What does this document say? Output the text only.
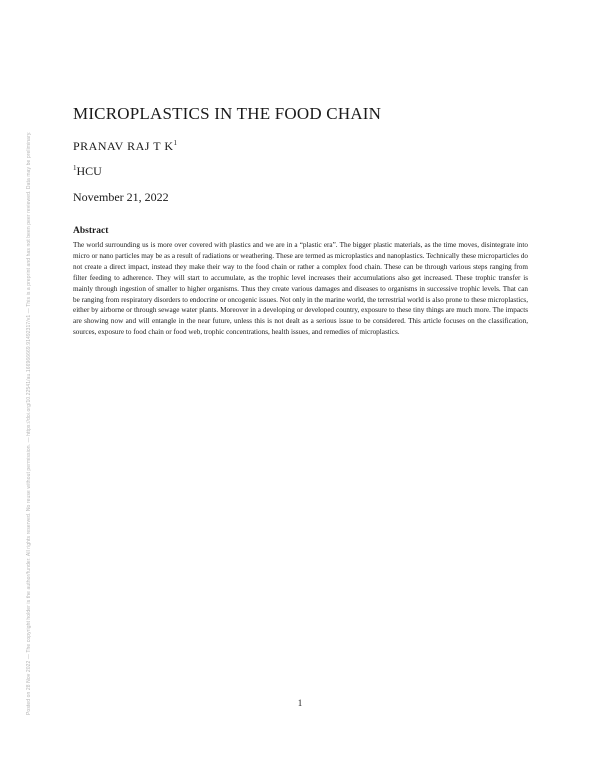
Posted on 28 Nov 2022 — The copyright holder is the author/funder. All rights reserved. No reuse without permission. — https://doi.org/10.22541/au.166966669.91492317/v1 — This is a preprint and has not been peer reviewed. Data may be preliminary.
MICROPLASTICS IN THE FOOD CHAIN
PRANAV RAJ T $K^1$
$^1$HCU
November 21, 2022
Abstract

The world surrounding us is more over covered with plastics and we are in a “plastic era”. The bigger plastic materials, as the time moves, disintegrate into micro or nano particles may be as a result of radiations or weathering. These are termed as microplastics and nanoplastics. Technically these microparticles do not create a direct impact, instead they make their way to the food chain or rather a complex food chain. These can be through various steps ranging from filter feeding to adherence. They will start to accumulate, as the trophic level increases their accumulations also get increased. These trophic transfer is mainly through ingestion of smaller to higher organisms. Thus they create various damages and diseases to organisms in successive trophic levels. That can be ranging from respiratory disorders to endocrine or oncogenic issues. Not only in the marine world, the terrestrial world is also prone to these microplastics, either by airborne or through sewage water plants. Moreover in a developing or developed country, exposure to these tiny things are much more. The impacts are showing now and will entangle in the near future, unless this is not dealt as a serious issue to be considered. This article focuses on the classification, sources, exposure to food chain or food web, trophic concentrations, health issues, and remedies of microplastics.

1
